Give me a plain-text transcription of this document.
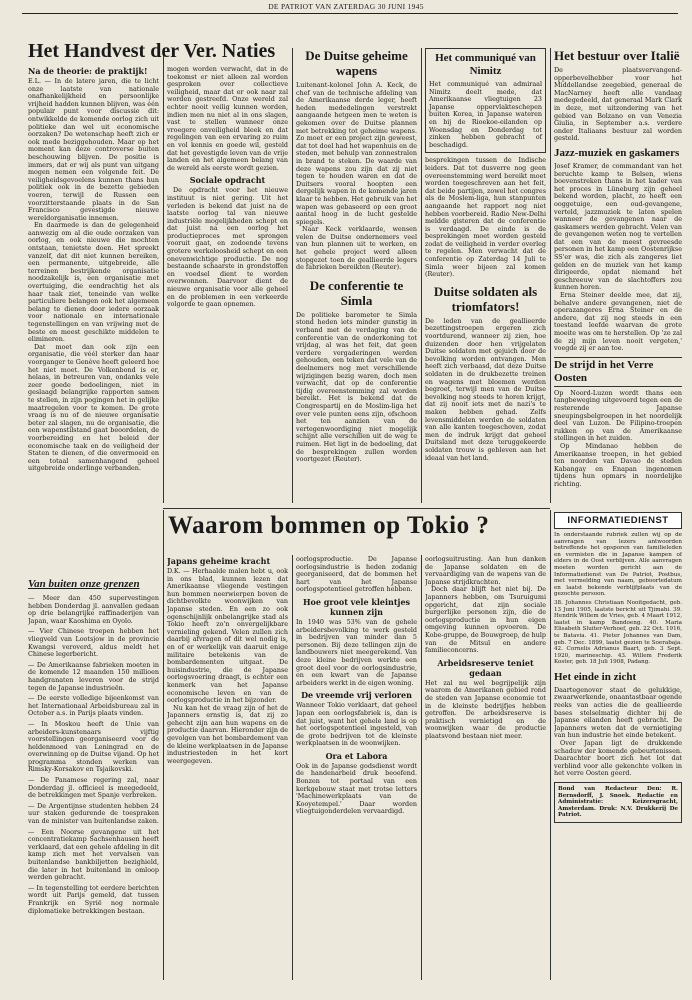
DE PATRIOT VAN ZATERDAG 30 JUNI 1945
Het Handvest der Ver. Naties
Na de theorie: de praktijk!

E.L. — In de latere jaren, die te licht onze laatste van nationale onafhankelijkheid en persoonlijke vrijheid hadden kunnen blijven, was één populair punt voor discussie dit: ontwikkelde de komende oorlog zich uit politieke dan wel uit economische oorzaken? De wetenschap heeft zich er ook mede beziggehouden. Maar op het moment kan deze controverse buiten beschouwing blijven. De positie is immers, dat er wij als punt van uitgang mogen nemen een volgende feit. De veiligheidsgevoelens kunnen thans hun politiek ook in de bezette gebieden voeren, terwijl de Russen een voorzitterstaande plaats in de San Francisco gevestigde nieuwe wereldorganisatie innemen.

En daarmede is dan de gelegenheid aanwezig om al die oude oorzaken van oorlog, en ook nieuwe die mochten ontstaan, tenietste doen. Het spreekt vanzelf, dat dit niet kunnen bereiken, een permanente, uitgebreide, alle terreinen bestrijkende organisatie noodzakelijk is, een organisatie met overtuiging, die eendrachtig het als haar taak ziet, teneinde van welke particuliere belangen ook het algemeen belang te dienen door iedere oorzaak voor nationale en internationale tegenstellingen en van vrijwing met de beste en meest geschikte middelen te elimineren.

Dat moet dan ook zijn een organisatie, die véél sterker dan haar voorganger te Genève heeft geleerd hoe het niet moet. De Volkenbond is er, helaas, in betreuren van, ondanks vele zeer goede bedoelingen, niet in geslaagd belangrijke rapporten samen te stellen, in zijn pogingen het in gelijke maatregelen voor te komen. De grote vraag is nu of de nieuwe organisatie beter zal slagen, nu de organisatie, die een wapenstilstand gaat beoordelen, de voorbereiding en het beleid der economische taak en de veiligheid der Staten te dienen, of die onvermoeid en een totaal samenhangend geheel uitgebreide onderlinge verbanden.

mogen worden verwacht, dat in de toekomst er niet alleen zal worden gesproken over collectieve veiligheid, maar dat er ook naar zal worden gestreefd. Onze wereld zal echter nooit veilig kunnen worden, indien men nu niet al in ons slagen, vast te stellen wanneer onze vroegere onveiligheid bleek en dat regelingen van een ervaring zo ruim en vol kennis en goede wil, gesteld dat het gevestigde leven van de vrije landen en het algemeen belang van de wereld als eerste wordt gezien.

Sociale opdracht

De opdracht voor het nieuwe instituut is niet gering. Uit het verleden is bekend dat juist na de laatste oorlog tal van nieuwe industriële mogelijkheden schept en dat juist na een oorlog het productieproces met sprongen vooruit gaat, en zodoende tevens grotere werkeloosheid schept en een onevenwichtige productie. De nog bestaande schaarste in grondstoffen en voedsel dient te worden overwonnen. Daarvoor dient de nieuwe organisatie voor alle geheel en de problemen in een verkeerde volgorde te gaan opnemen.

De Duitse geheime wapens

Luitenant-kolonel John A. Keck, de chef van de technische afdeling van de Amerikaanse derde leger, heeft heden mededelingen verstrekt aangaande hetgeen men te weten is gekomen over de Duitse plannen met betrekking tot geheime wapens. Zo moet er een project zijn geweest, dat tot doel had het wapenhuis en de steden, met behulp van zonnestralen in brand te steken. De waarde van deze wapens zou zijn dat zij niet tegen te houden waren en dat de Duitsers vooral hoopten een dergelijk wapen in de komende jaren klaar te hebben. Het gebruik van het wapen was gebaseerd op een groot aantal hoog in de lucht gestelde spiegels.

Naar Keck verklaarde, wensen velen de Duitse ondernemers veel van hun plannen uit te werken, en het gehele project werd alleen stopgezet toen de geallieerde legers de fabrieken bereikten (Reuter).

De conferentie te Simla

De politieke barometer te Simla stond heden iets minder gunstig in verband met de verdaging van de conferentie van de onderkoning tot vrijdag, al was het feit, dat geen verdere vergaderingen werden gehouden, een teken dat vele van de deelnemers nog met verschillende wijzigingen bezig waren, doch men verwacht, dat op de conferentie tijdig overeenstemming zal worden bereikt. Het is bekend dat de Congrespartij en de Moslim-liga het over vele punten eens zijn, ofschoon het ten aanzien van de vertegenwoordiging niet mogelijk schijnt alle verschillen uit de weg te ruimen. Het ligt in de bedoeling, dat de besprekingen zullen worden voortgezet (Reuter).

Het communiqué van Nimitz

Het communiqué van admiraal Nimitz deelt mede, dat Amerikaanse vliegtuigen 23 Japanse oppervlakteschepen buiten Korea, in Japanse wateren en bij de Rioekoe-eilanden op Woensdag en Donderdag tot zinken hebben gebracht of beschadigd.

besprekingen tussen de Indische leiders. Dat tot dusverre nog geen overeenstemming werd bereikt moet worden toegeschreven aan het feit, dat beide partijen, zowel het congres als de Moslem-liga, hun stanpunten aangaande het rapport nog niet hebben voorbereid. Radio New-Delhi meldde gisteren dat de conferentie is verdaagd. De einde is de besprekingen moet worden gesteld zodat de veiligheid in verder overleg te regelen. Men verwacht dat de conferentie op Zaterdag 14 Juli te Simla weer bijeen zal komen (Reuter).

Duitse soldaten als triomfators!

De leden van de geallieerde bezettingstroepen ergeren zich voortdurend, wanneer zij zien, hoe duizenden door hen vrijgelaten Duitse soldaten met gejuich door de bevolking worden ontvangen. Men heeft zich verbaasd, dat deze Duitse soldaten in de drukbezette treinen en wagens met bloemen werden begroet, terwijl men van de Duitse bevolking nog steeds te horen krijgt, dat zij nooit iets met de nazi's te maken hebben gehad. Zelfs levensmiddelen werden de soldaten van alle kanten toegeschoven, zodat men de indruk krijgt dat geheel Duitsland met deze teruggekeerde soldaten trouw is gebleven aan het ideaal van het land.

Het bestuur over Italië

De plaatsvervangend-opperbevelhebber voor het Middellandse zeegebied, generaal de MacNarney heeft alle vandaag medegedeeld, dat generaal Mark Clark in deze, met uitzondering van het gebied van Bolzano en van Venezia Giulia, in September a.s. verdere onder Italiaans bestuur zal worden gesteld.

Jazz-muziek en gaskamers

Josef Kramer, de commandant van het beruchte kamp te Belsen, wiens boevenstreken thans in het kader van het proces in Lüneburg zijn geheel bekend worden, placht, zo heeft een ooggetuige, een oud-gevangene, verteld, jazzmuziek te laten spelen wanneer de gevangenen naar de gaskamers werden gebracht. Velen van de gevangenen weten nog te vertellen dat een van de meest gevreesde personen in het kamp een Oostenrijkse SS'er was, die zich als zangeres liet gelden en de muziek van het kamp dirigeerde, opdat niemand het geschreeuw van de slachtoffers zou kunnen horen.

Erna Steiner deelde mee, dat zij, behalve andere gevangenen, niet de operazangeres Erna Steiner en de andere, dat zij nog steeds in een toestand leefde waarvan de grote moeite was om te herstellen. Op 'ze zal de zij mijn leven nooit vergeten,' voegde zij er aan toe.

De strijd in het Verre Oosten

Op Noord-Luzon wordt thans een tangbeweging uitgevoerd tegen een de resterende Japanse sneupingsbelgroepen in het noordelijk deel van Luzon. De Filipino-troepen rukken op van de Amerikaanse stellingen in het zuiden.

Op Mindanao hebben de Amerikaanse troepen, in het gebied ten noorden van Davao de steden Kabangay en Enapan ingenomen tijdens hun opmars in noordelijke richting.

Waarom bommen op Tokio ?
Van buiten onze grenzen

— Meer dan 450 supervestingen hebben Donderdag jl. aanvallen gedaan op drie belangrijke raffinaderijen van Japan, waar Kaoshima en Oyolo.

— Vier Chinese troepen hebben het vliegveld van Lootsjow in de provincie Kwangsi veroverd, aldus meldt het Chinese legerbericht.

— De Amerikaanse fabrieken moeten in de komende 12 maanden 150 millioen handgranaten leveren voor de strijd tegen de Japanse industrieën.

— De eerste volledige bijeenkomst van het Internationaal Arbeidsbureau zal in October a.s. in Parijs plaats vinden.

— In Moskou heeft de Unie van arbeiders-kunstenaars vijftig voorstellingen georganiseerd voor de heldenmoed van Leningrad en de overwinning op de Duitse vijand. Op het programma stonden werken van Rimsky-Korsakov en Tsjaikovski.

— De Panamese regering zal, naar Donderdag jl. officieel is meegedeeld, de betrekkingen met Spanje verbreken.

— De Argentijnse studenten hebben 24 uur staken gedurende de toespraken van de minister van buitenlandse zaken.

— Een Noorse gevangene uit het concentratiekamp Sachsenhausen heeft verklaard, dat een gehele afdeling in dit kamp zich met het vervalsen van buitenlandse bankbiljetten bezighield, die later in het buitenland in omloop werden gebracht.

— In tegenstelling tot eerdere berichten wordt uit Parijs gemeld, dat tussen Frankrijk en Syrië nog normale diplomatieke betrekkingen bestaan.

Japans geheime kracht

D.K. — Herhaalde malen hebt u, ook in ons blad, kunnen lezen dat Amerikaanse vliegende vestingen hun bommen neerwierpen boven de dichtbevolkte woonwijken van Japanse steden. En een zo ook ogenschijnlijk onbelangrijke stad als Tokio heeft zo'n onvergelijkbare vernieling gekend. Velen zullen zich daarbij afvragen of dit wel nodig is, en of er werkelijk van daaruit enige militaire betekenis van de bombardementen uitgaat. De huisindustrie, die de Japanse oorlogsvoering draagt, is echter een kenmerk van het Japanse economische leven en van de oorlogsproductie in het bijzonder.

Nu kan het de vraag zijn of het de Japanners ernstig is, dat zij zo gehecht zijn aan hun wapens en de productie daarvan. Hieronder zijn de gevolgen van het bombardement van de kleine werkplaatsen in de Japanse industriesteden in het kort weergegeven.

oorlogsproductie. De Japanse oorlogsindustrie is heden zodanig georganiseerd, dat de bommen het hart van het Japanse oorlogspotentieel getroffen hebben.

Hoe groot vele kleintjes kunnen zijn

In 1940 was 53% van de gehele arbeidersbevolking te werk gesteld in bedrijven van minder dan 5 personen. Bij deze tellingen zijn de landbouwers niet meegerekend. Van deze kleine bedrijven werkte een groot deel voor de oorlogsindustrie, en een kwart van de Japanse arbeiders werkt in de eigen woning.

De vreemde vrij verloren

Wanneer Tokio verklaart, dat geheel Japan een oorlogsfabriek is, dan is dat juist, want het gehele land is op het oorlogspotentieel ingesteld, van de grote bedrijven tot de kleinste werkplaatsen in de woonwijken.

Ora et Labora

Ook in de Japanse godsdienst wordt de handenarbeid druk beoefend. Bonzen tot portaal van een kerkgebouw staat met trotse letters 'Machinewerkplaats van de Kooyetempel.' Daar worden vliegtuigonderdelen vervaardigd.

oorlogsuitrusting. Aan hun danken de Japanse soldaten en de vervaardiging van de wapens van de Japanse strijdkrachten.

Doch daar blijft het niet bij. De Japanners hebben, om Tsuruigumi opgericht, dat zijn sociale burgerlijke personen zijn, die de oorlogsproductie in hun eigen omgeving kunnen opvoeren. De Kobe-gruppe, de Bouwgroep, de hulp van de Mitsuï en andere familieconcerns.

Arbeidsreserve teniet gedaan

Het zal nu wel begrijpelijk zijn waarom de Amerikanen gebied rond de steden van Japanse economie tot in de kleinste bedrijfjes hebben getroffen. De arbeidsreserve is praktisch vernietigd en de woonwijken waar de productie plaatsvond bestaan niet meer.

INFORMATIEDIENST

In onderstaande rubriek zullen wij op de aanvragen van lezers antwoorden betreffende het opsporen van familieleden en vermisten die in Japanse kampen of elders in de Oost verblijven. Alle aanvragen moeten worden gericht aan de Informatiedienst van De Patriot, Postbus, met vermelding van naam, geboortedatum en laatst bekende verblijfplaats van de gezochte persoon.

38. Johannes Christiaan Nooitgedacht, geb. 13 Juni 1905, laatste bericht uit Tjimahi. 39. Hendrik Willem de Vries, geb. 4 Maart 1912, laatst in kamp Bandoeng. 40. Maria Elisabeth Sluiter-Verhoef, geb. 22 Oct. 1916, te Batavia. 41. Pieter Johannes van Dam, geb. 7 Dec. 1899, laatst gezien te Soerabaja. 42. Cornelis Adrianus Baart, geb. 3 Sept. 1920, marineschip. 43. Willem Frederik Koster, geb. 18 Juli 1908, Padang.

Het einde in zicht

Daartegenover staat de gelukkige, zwaarwerkende, onaantastbaar ogende reeks van acties die de geallieerde bases stelselmatig dichter bij de Japanse eilanden heeft gebracht. De Japanners weten dat de vernietiging van hun industrie het einde betekent.

Over Japan ligt de drukkende schaduw der komende gebeurtenissen. Daarachter boort zich het lot dat verblind voor alle gekenchte volken in het verre Oosten geerd.

Bond van Redacteur Den: R. Bernsdorff, J. Snoek. Redactie en Administratie: Keizersgracht, Amsterdam. Druk: N.V. Drukkerij De Patriot.
